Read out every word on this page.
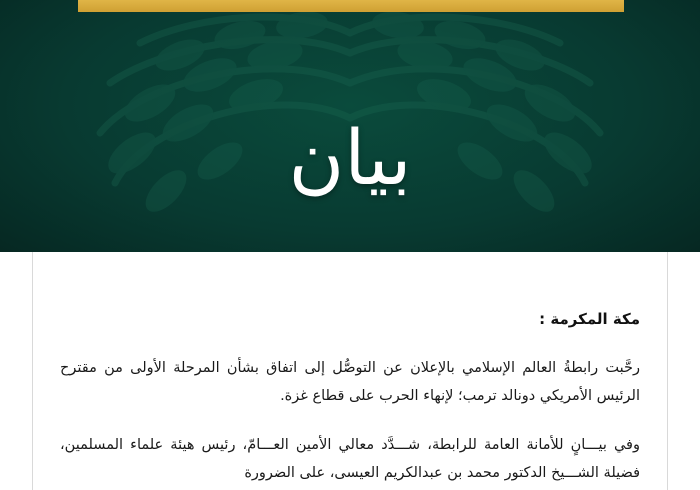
بيان
مكة المكرمة :

رحَّبت رابطةُ العالم الإسلامي بالإعلان عن التوصُّل إلى اتفاق بشأن المرحلة الأولى من مقترح الرئيس الأمريكي دونالد ترمب؛ لإنهاء الحرب على قطاع غزة.

وفي بيـــانٍ للأمانة العامة للرابطة، شـــدَّد معالي الأمين العـــامّ، رئيس هيئة علماء المسلمين، فضيلة الشـــيخ الدكتور محمد بن عبدالكريم العيسى، على الضرورة
